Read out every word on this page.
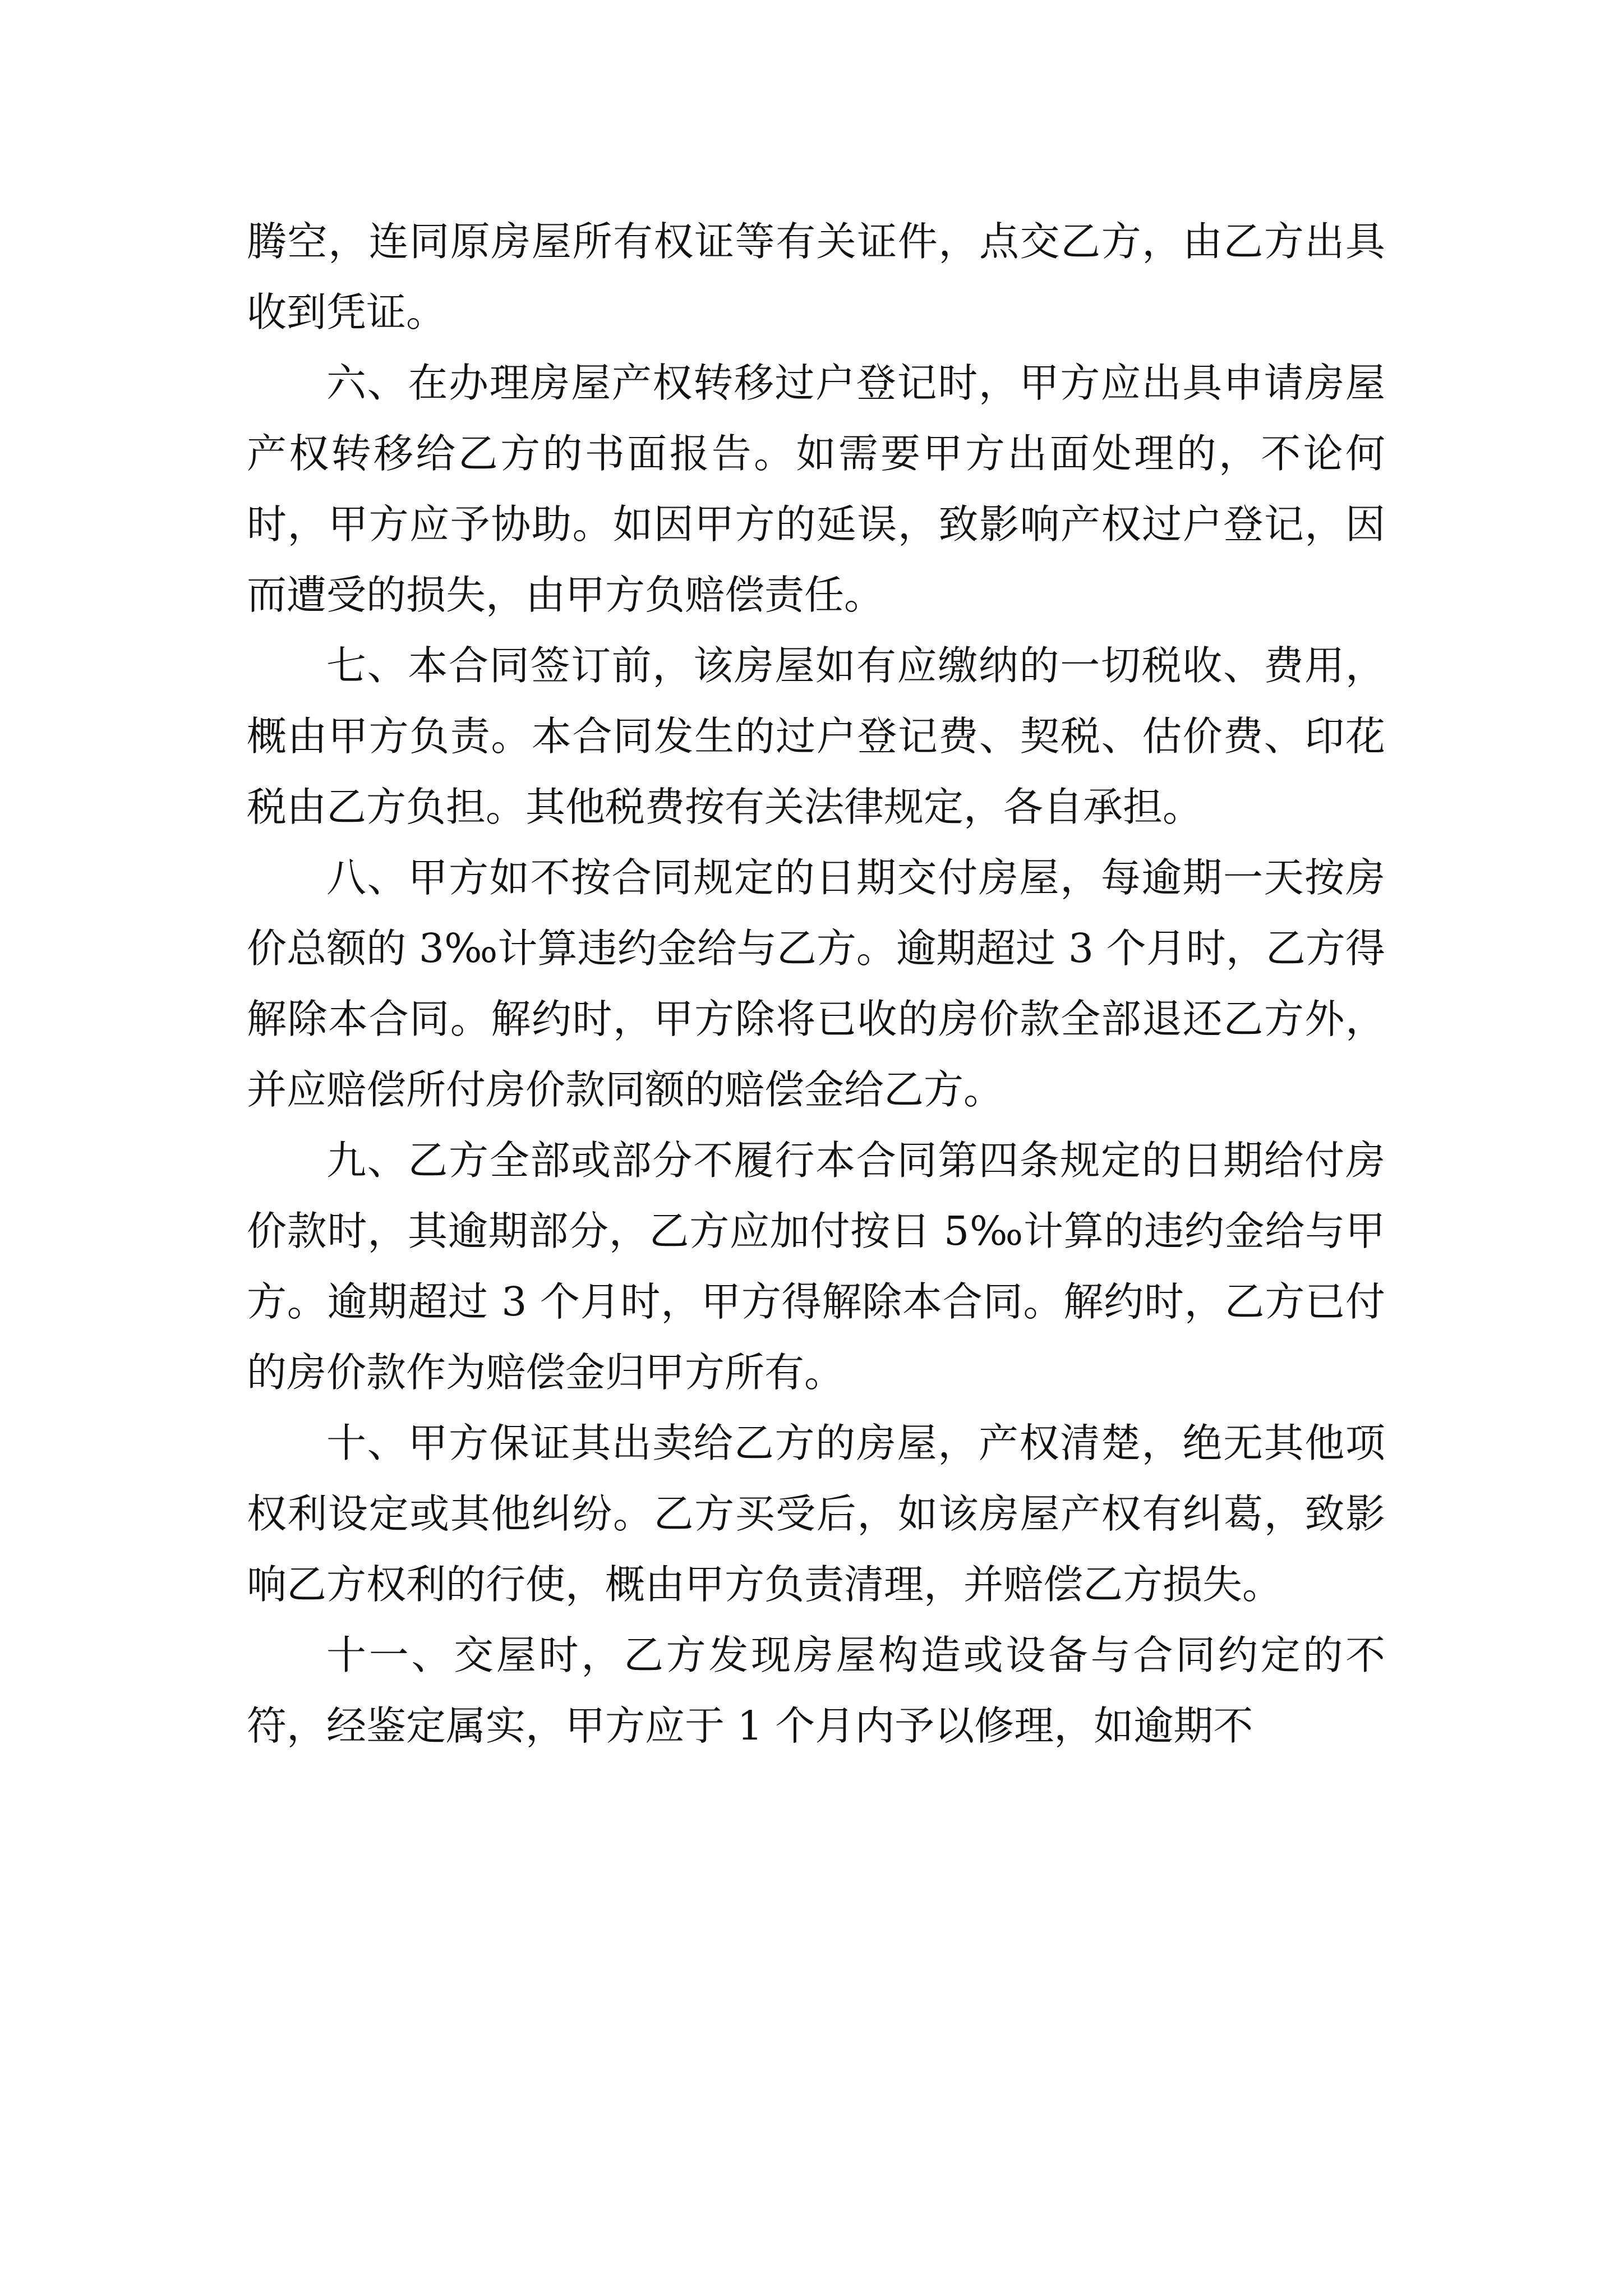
腾空，连同原房屋所有权证等有关证件，点交乙方，由乙方出具收到凭证。

六、在办理房屋产权转移过户登记时，甲方应出具申请房屋产权转移给乙方的书面报告。如需要甲方出面处理的，不论何时，甲方应予协助。如因甲方的延误，致影响产权过户登记，因而遭受的损失，由甲方负赔偿责任。

七、本合同签订前，该房屋如有应缴纳的一切税收、费用，概由甲方负责。本合同发生的过户登记费、契税、估价费、印花税由乙方负担。其他税费按有关法律规定，各自承担。

八、甲方如不按合同规定的日期交付房屋，每逾期一天按房价总额的 3‰计算违约金给与乙方。逾期超过 3 个月时，乙方得解除本合同。解约时，甲方除将已收的房价款全部退还乙方外，并应赔偿所付房价款同额的赔偿金给乙方。

九、乙方全部或部分不履行本合同第四条规定的日期给付房价款时，其逾期部分，乙方应加付按日 5‰计算的违约金给与甲方。逾期超过 3 个月时，甲方得解除本合同。解约时，乙方已付的房价款作为赔偿金归甲方所有。

十、甲方保证其出卖给乙方的房屋，产权清楚，绝无其他项权利设定或其他纠纷。乙方买受后，如该房屋产权有纠葛，致影响乙方权利的行使，概由甲方负责清理，并赔偿乙方损失。

十一、交屋时，乙方发现房屋构造或设备与合同约定的不符，经鉴定属实，甲方应于 1 个月内予以修理，如逾期不
